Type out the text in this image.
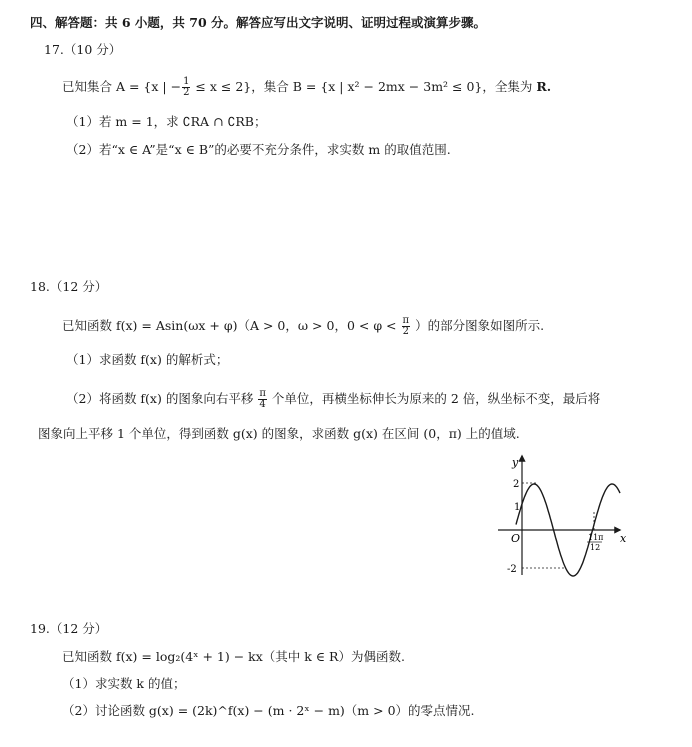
四、解答题：共 6 小题，共 70 分。解答应写出文字说明、证明过程或演算步骤。
17.（10 分）
已知集合 A = {x | − $\frac{1}{2} \le x \le 2$}，集合 B = {x | x² − 2mx − 3m² ≤ 0}，全集为 R.
（1）若 m = 1，求 ∁RA ∩ ∁RB；
（2）若“x ∈ A”是“x ∈ B”的必要不充分条件，求实数 m 的取值范围.
18.（12 分）
已知函数 f(x) = Asin(ωx + φ)（A > 0，ω > 0，$0 < \varphi < \frac{\pi}{2}$ ）的部分图象如图所示.
（1）求函数 f(x) 的解析式；
（2）将函数 f(x) 的图象向右平移 $\frac{\pi}{4}$ 个单位，再横坐标伸长为原来的 2 倍，纵坐标不变，最后将
图象向上平移 1 个单位，得到函数 g(x) 的图象，求函数 g(x) 在区间 (0，π) 上的值域.
y
x
O
2
1
-2
11π
12
19.（12 分）
已知函数 f(x) = log₂(4ˣ + 1) − kx（其中 k ∈ R）为偶函数.
（1）求实数 k 的值；
（2）讨论函数 g(x) = (2k)^f(x) − (m · 2ˣ − m)（m > 0）的零点情况.
